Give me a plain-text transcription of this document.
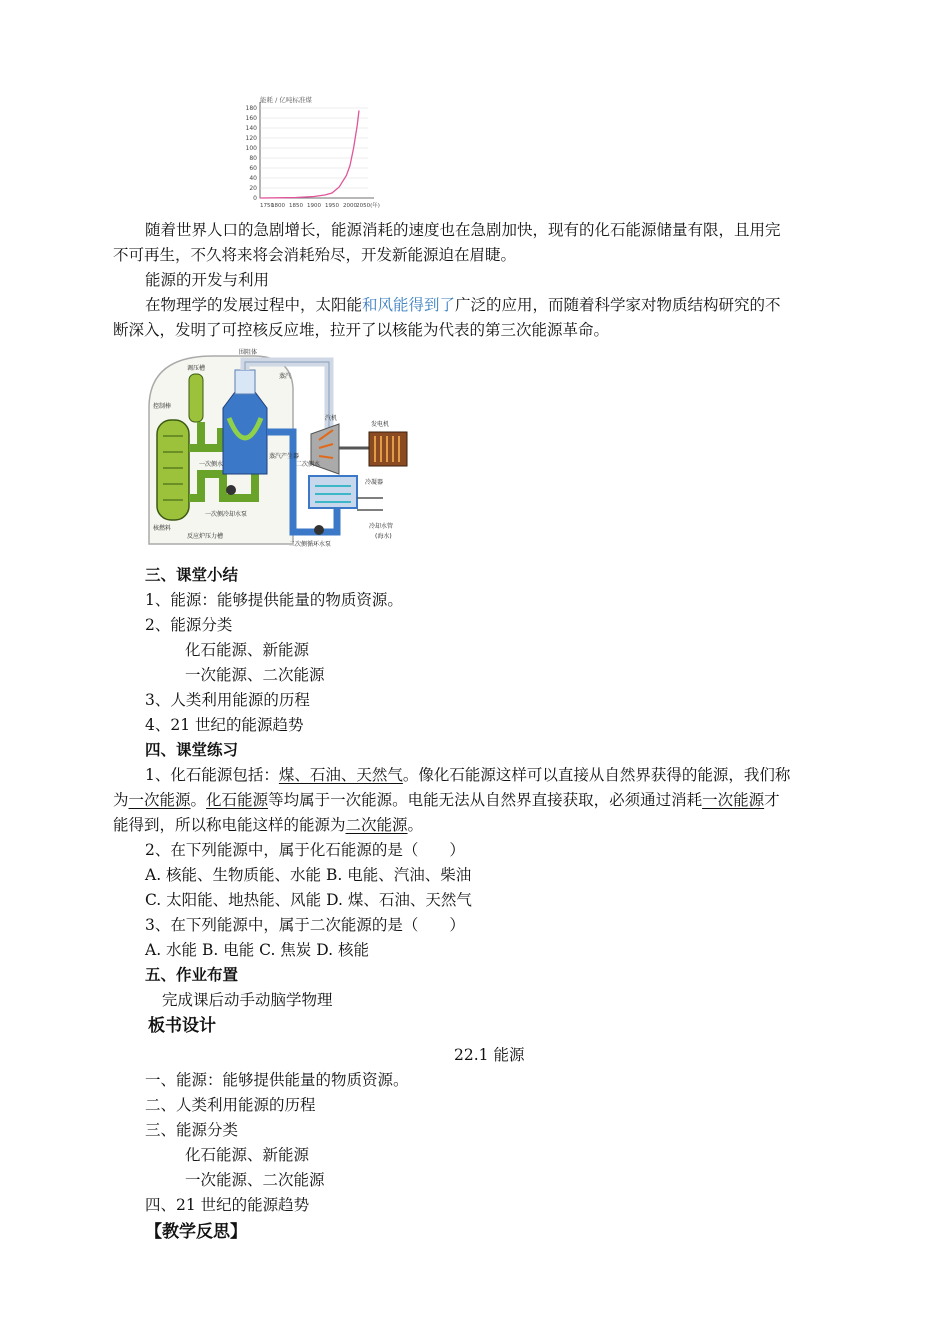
能耗 / 亿吨标准煤
0
20
40
60
80
100
120
140
160
180
1750
1800 1850 1900 1950 2000 2050(年)
随着世界人口的急剧增长，能源消耗的速度也在急剧加快，现有的化石能源储量有限，且用完
不可再生，不久将来将会消耗殆尽，开发新能源迫在眉睫。
能源的开发与利用
在物理学的发展过程中，太阳能和风能得到了广泛的应用，而随着科学家对物质结构研究的不
断深入，发明了可控核反应堆，拉开了以核能为代表的第三次能源革命。
围阻体
调压槽
控制棒
核燃料
蒸汽
蒸汽产生器
一次侧水
一次侧冷却水泵
反应炉压力槽
二次侧水
二次侧循环水泵
汽机
发电机
冷凝器
冷却水管
(海水)
三、课堂小结
1、能源：能够提供能量的物质资源。
2、能源分类
化石能源、新能源
一次能源、二次能源
3、人类利用能源的历程
4、21 世纪的能源趋势
四、课堂练习
1、化石能源包括：煤、石油、天然气。像化石能源这样可以直接从自然界获得的能源，我们称
为一次能源。化石能源等均属于一次能源。电能无法从自然界直接获取，必须通过消耗一次能源才
能得到，所以称电能这样的能源为二次能源。
2、在下列能源中，属于化石能源的是（　　）
A. 核能、生物质能、水能 B. 电能、汽油、柴油
C. 太阳能、地热能、风能 D. 煤、石油、天然气
3、在下列能源中，属于二次能源的是（　　）
A. 水能 B. 电能 C. 焦炭 D. 核能
五、作业布置
完成课后动手动脑学物理
板书设计
22.1 能源
一、能源：能够提供能量的物质资源。
二、人类利用能源的历程
三、能源分类
化石能源、新能源
一次能源、二次能源
四、21 世纪的能源趋势
【教学反思】
